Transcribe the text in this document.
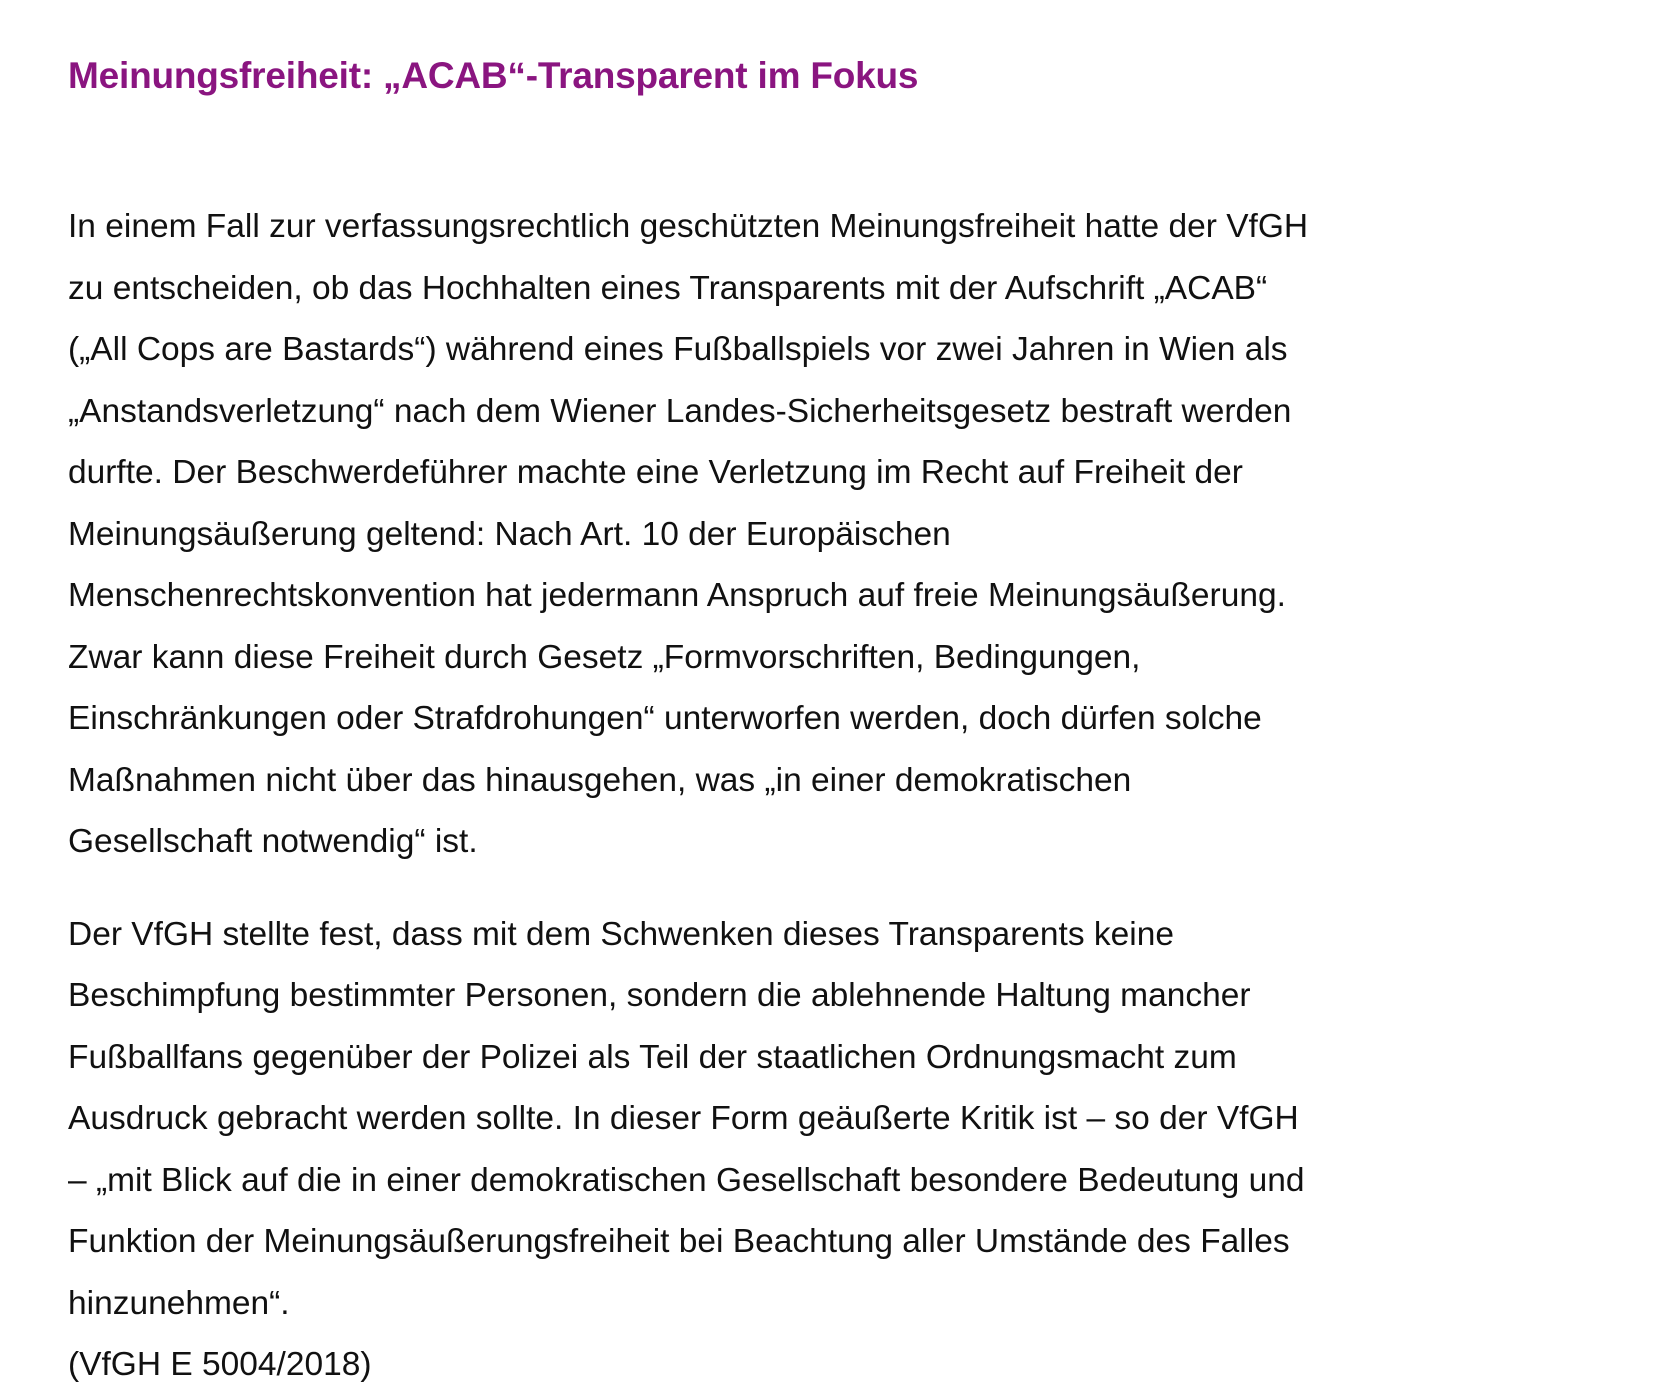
Meinungsfreiheit: „ACAB“-Transparent im Fokus

In einem Fall zur verfassungsrechtlich geschützten Meinungsfreiheit hatte der VfGH
zu entscheiden, ob das Hochhalten eines Transparents mit der Aufschrift „ACAB“
(„All Cops are Bastards“) während eines Fußballspiels vor zwei Jahren in Wien als
„Anstandsverletzung“ nach dem Wiener Landes-Sicherheitsgesetz bestraft werden
durfte. Der Beschwerdeführer machte eine Verletzung im Recht auf Freiheit der
Meinungsäußerung geltend: Nach Art. 10 der Europäischen
Menschenrechtskonvention hat jedermann Anspruch auf freie Meinungsäußerung.
Zwar kann diese Freiheit durch Gesetz „Formvorschriften, Bedingungen,
Einschränkungen oder Strafdrohungen“ unterworfen werden, doch dürfen solche
Maßnahmen nicht über das hinausgehen, was „in einer demokratischen
Gesellschaft notwendig“ ist.

Der VfGH stellte fest, dass mit dem Schwenken dieses Transparents keine
Beschimpfung bestimmter Personen, sondern die ablehnende Haltung mancher
Fußballfans gegenüber der Polizei als Teil der staatlichen Ordnungsmacht zum
Ausdruck gebracht werden sollte. In dieser Form geäußerte Kritik ist – so der VfGH
– „mit Blick auf die in einer demokratischen Gesellschaft besondere Bedeutung und
Funktion der Meinungsäußerungsfreiheit bei Beachtung aller Umstände des Falles
hinzunehmen“.
(VfGH E 5004/2018)
